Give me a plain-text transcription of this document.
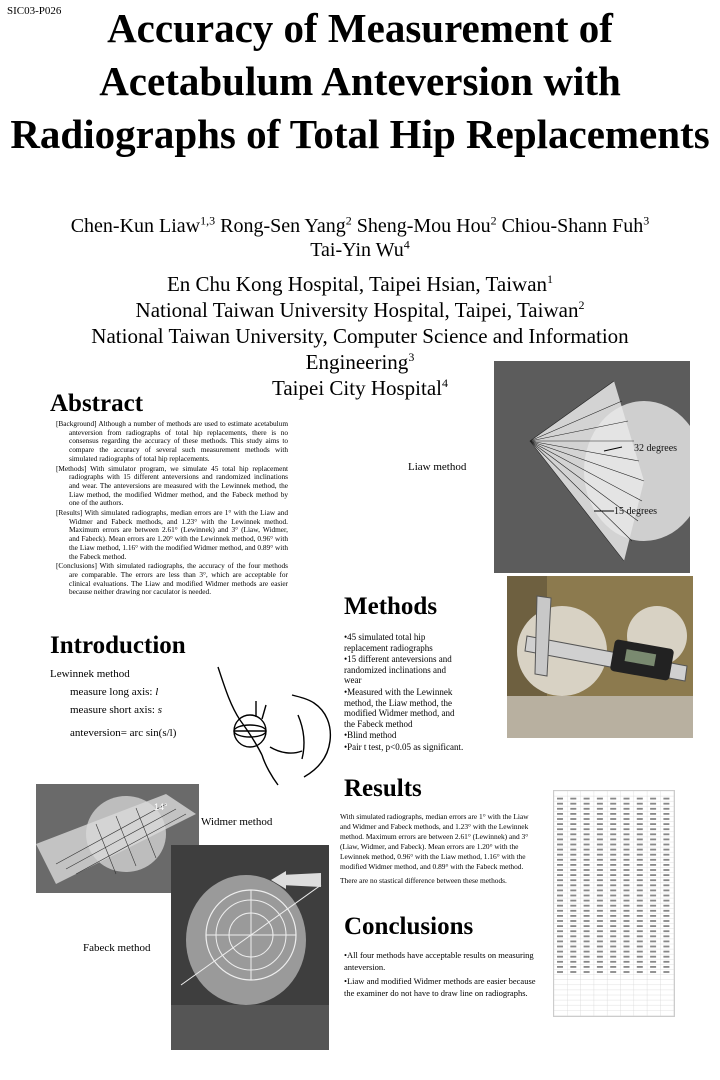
SIC03-P026	Accuracy of Measurement of Acetabulum Anteversion with Radiographs of Total Hip Replacements
Chen-Kun Liaw$^{1,3}$ Rong-Sen Yang$^2$ Sheng-Mou Hou$^2$ Chiou-Shann Fuh$^3$
Tai-Yin Wu$^4$
En Chu Kong Hospital, Taipei Hsian, Taiwan$^1$
National Taiwan University Hospital, Taipei, Taiwan$^2$
National Taiwan University, Computer Science and Information Engineering$^3$
Taipei City Hospital$^4$
Abstract

[Background] Although a number of methods are used to estimate acetabulum anteversion from radiographs of total hip replacements, there is no consensus regarding the accuracy of these methods. This study aims to compare the accuracy of several such measurement methods with simulated radiographs of total hip replacements.

[Methods] With simulator program, we simulate 45 total hip replacement radiographs with 15 different anteversions and randomized inclinations and wear. The anteversions are measured with the Lewinnek method, the Liaw method, the modified Widmer method, and the Fabeck method by one of the authors.

[Results] With simulated radiographs, median errors are 1° with the Liaw and Widmer and Fabeck methods, and 1.23° with the Lewinnek method. Maximum errors are between 2.61° (Lewinnek) and 3° (Liaw, Widmer, and Fabeck). Mean errors are 1.20° with the Lewinnek method, 0.96° with the Liaw method, 1.16° with the modified Widmer method, and 0.89° with the Fabeck method.

[Conclusions] With simulated radiographs, the accuracy of the four methods are comparable. The errors are less than 3°, which are acceptable for clinical evaluations. The Liaw and modified Widmer methods are easier because neither drawing nor caculator is needed.

Introduction
Lewinnek method
measure long axis: l
measure short axis: s
anteversion= arc sin(s/l)
32 degrees
15 degrees
Liaw method
14°
Widmer method
Fabeck method
Methods
•45 simulated total hip replacement radiographs
•15 different anteversions and randomized inclinations and wear
•Measured with the Lewinnek method, the Liaw method, the modified Widmer method, and the Fabeck method
•Blind method
•Pair t test, p<0.05 as significant.
Results

With simulated radiographs, median errors are 1° with the Liaw and Widmer and Fabeck methods, and 1.23° with the Lewinnek method. Maximum errors are between 2.61° (Lewinnek) and 3° (Liaw, Widmer, and Fabeck). Mean errors are 1.20° with the Lewinnek method, 0.96° with the Liaw method, 1.16° with the modified Widmer method, and 0.89° with the Fabeck method.

There are no stastical difference between these methods.

Conclusions
•All four methods have acceptable results on measuring anteversion.
•Liaw and modified Widmer methods are easier because the examiner do not have to draw line on radiographs.
